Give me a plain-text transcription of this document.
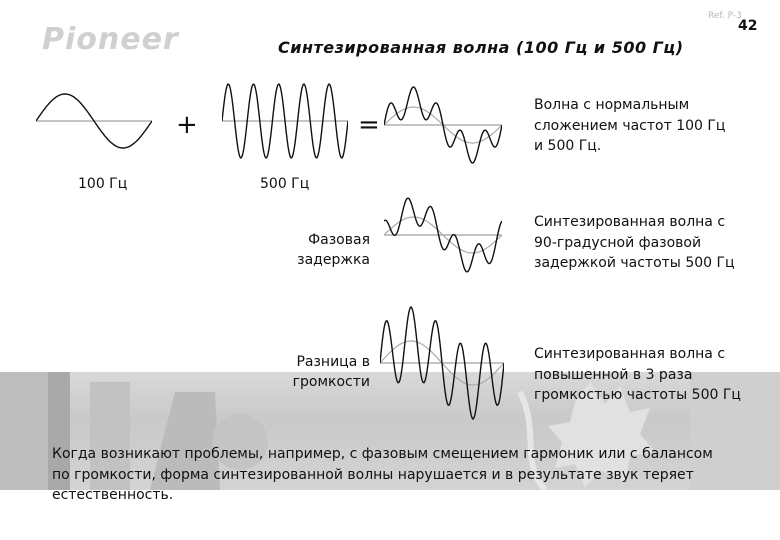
Pioneer
Ref. P-3
42
Синтезированная волна (100 Гц и 500 Гц)
+	=
100 Гц	500 Гц
Волна с нормальным сложением частот 100 Гц и 500 Гц.
Фазовая задержка
Синтезированная волна с 90-градусной фазовой задержкой частоты 500 Гц
Разница в громкости
Синтезированная волна с повышенной в 3 раза громкостью частоты 500 Гц
Когда возникают проблемы, например, с фазовым смещением гармоник или с балансом по громкости, форма синтезированной волны нарушается и в результате звук теряет естественность.
